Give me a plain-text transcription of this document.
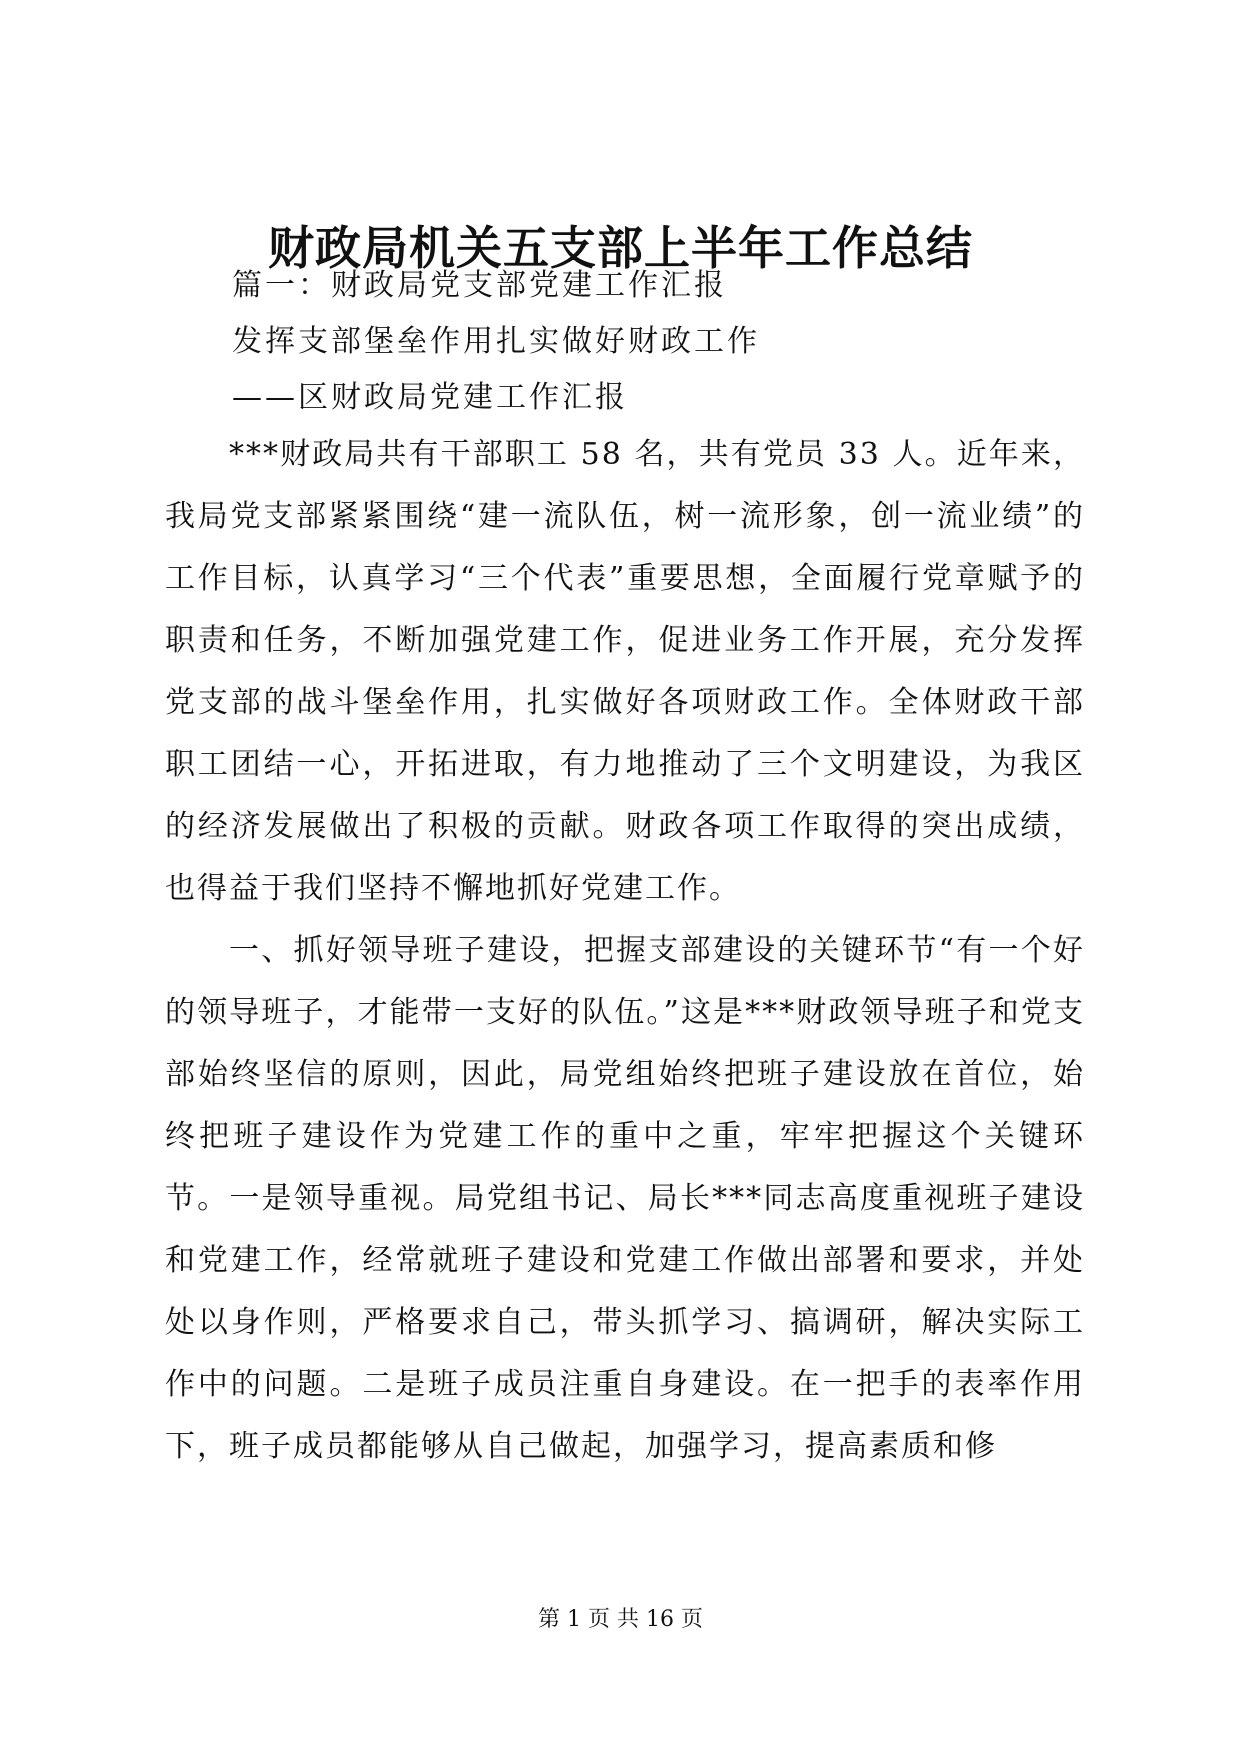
财政局机关五支部上半年工作总结
篇一：财政局党支部党建工作汇报
发挥支部堡垒作用扎实做好财政工作
——区财政局党建工作汇报

***财政局共有干部职工 58 名，共有党员 33 人。近年来，我局党支部紧紧围绕“建一流队伍，树一流形象，创一流业绩”的工作目标，认真学习“三个代表”重要思想，全面履行党章赋予的职责和任务，不断加强党建工作，促进业务工作开展，充分发挥党支部的战斗堡垒作用，扎实做好各项财政工作。全体财政干部职工团结一心，开拓进取，有力地推动了三个文明建设，为我区的经济发展做出了积极的贡献。财政各项工作取得的突出成绩，也得益于我们坚持不懈地抓好党建工作。

一、抓好领导班子建设，把握支部建设的关键环节“有一个好的领导班子，才能带一支好的队伍。”这是***财政领导班子和党支部始终坚信的原则，因此，局党组始终把班子建设放在首位，始终把班子建设作为党建工作的重中之重，牢牢把握这个关键环节。一是领导重视。局党组书记、局长***同志高度重视班子建设和党建工作，经常就班子建设和党建工作做出部署和要求，并处处以身作则，严格要求自己，带头抓学习、搞调研，解决实际工作中的问题。二是班子成员注重自身建设。在一把手的表率作用下，班子成员都能够从自己做起，加强学习，提高素质和修

第 1 页 共 16 页
